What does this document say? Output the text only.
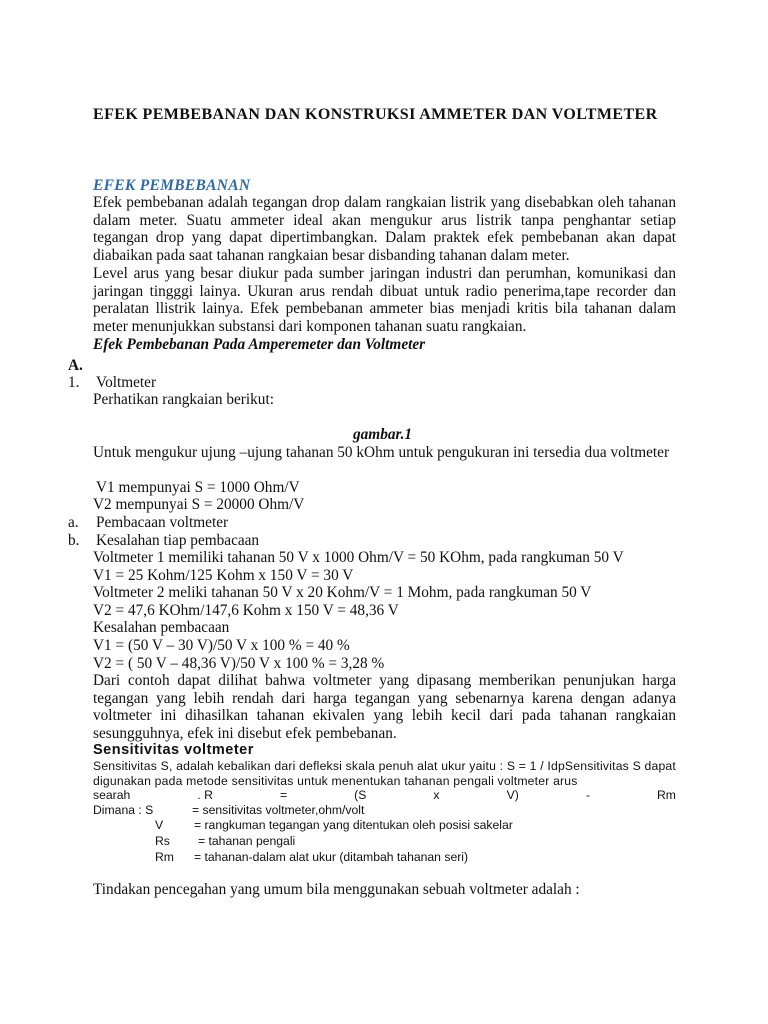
EFEK PEMBEBANAN DAN KONSTRUKSI AMMETER DAN VOLTMETER
EFEK PEMBEBANAN
Efek pembebanan adalah tegangan drop dalam rangkaian listrik yang disebabkan oleh tahanan dalam meter. Suatu ammeter ideal akan mengukur arus listrik tanpa penghantar setiap tegangan drop yang dapat dipertimbangkan. Dalam praktek efek pembebanan akan dapat diabaikan pada saat tahanan rangkaian besar disbanding tahanan dalam meter.
Level arus yang besar diukur pada sumber jaringan industri dan perumhan, komunikasi dan jaringan tingggi lainya. Ukuran arus rendah dibuat untuk radio penerima,tape recorder dan peralatan llistrik lainya. Efek pembebanan ammeter bias menjadi kritis bila tahanan dalam meter menunjukkan substansi dari komponen tahanan suatu rangkaian.
Efek Pembebanan Pada Amperemeter dan Voltmeter
A.
1. Voltmeter
Perhatikan rangkaian berikut:
gambar.1
Untuk mengukur ujung –ujung tahanan 50 kOhm untuk pengukuran ini tersedia dua voltmeter
V1 mempunyai S = 1000 Ohm/V
V2 mempunyai S = 20000 Ohm/V
a. Pembacaan voltmeter
b. Kesalahan tiap pembacaan
Voltmeter 1 memiliki tahanan 50 V x 1000 Ohm/V = 50 KOhm, pada rangkuman 50 V
V1 = 25 Kohm/125 Kohm x 150 V = 30 V
Voltmeter 2 meliki tahanan 50 V x 20 Kohm/V = 1 Mohm, pada rangkuman 50 V
V2 = 47,6 KOhm/147,6 Kohm x 150 V = 48,36 V
Kesalahan pembacaan
V1 = (50 V – 30 V)/50 V x 100 % = 40 %
V2 = ( 50 V – 48,36 V)/50 V x 100 % = 3,28 %
Dari contoh dapat dilihat bahwa voltmeter yang dipasang memberikan penunjukan harga tegangan yang lebih rendah dari harga tegangan yang sebenarnya karena dengan adanya voltmeter ini dihasilkan tahanan ekivalen yang lebih kecil dari pada tahanan rangkaian sesungguhnya, efek ini disebut efek pembebanan.
Sensitivitas voltmeter
Sensitivitas S, adalah kebalikan dari defleksi skala penuh alat ukur yaitu : S = 1 / IdpSensitivitas S dapat digunakan pada metode sensitivitas untuk menentukan tahanan pengali voltmeter arus
searah	. R	=	(S	x	V)	-	Rm
Dimana : S	= sensitivitas voltmeter,ohm/volt
V	= rangkuman tegangan yang ditentukan oleh posisi sakelar
Rs = tahanan pengali
Rm = tahanan-dalam alat ukur (ditambah tahanan seri)
Tindakan pencegahan yang umum bila menggunakan sebuah voltmeter adalah :
